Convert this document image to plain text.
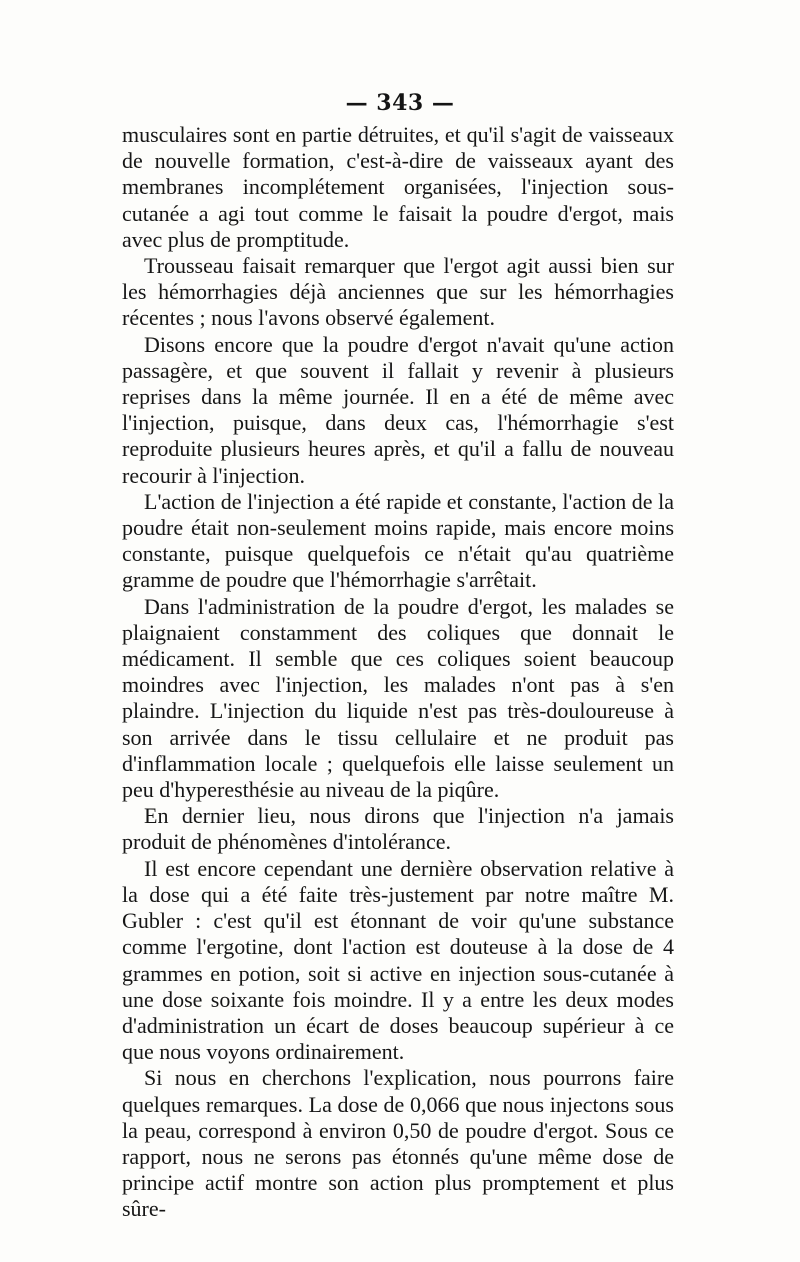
— 343 —

musculaires sont en partie détruites, et qu'il s'agit de vaisseaux de nouvelle formation, c'est-à-dire de vaisseaux ayant des membranes incomplétement organisées, l'injection sous-cutanée a agi tout comme le faisait la poudre d'ergot, mais avec plus de promptitude.

Trousseau faisait remarquer que l'ergot agit aussi bien sur les hémorrhagies déjà anciennes que sur les hémorrhagies récentes ; nous l'avons observé également.

Disons encore que la poudre d'ergot n'avait qu'une action passagère, et que souvent il fallait y revenir à plusieurs reprises dans la même journée. Il en a été de même avec l'injection, puisque, dans deux cas, l'hémorrhagie s'est reproduite plusieurs heures après, et qu'il a fallu de nouveau recourir à l'injection.

L'action de l'injection a été rapide et constante, l'action de la poudre était non-seulement moins rapide, mais encore moins constante, puisque quelquefois ce n'était qu'au quatrième gramme de poudre que l'hémorrhagie s'arrêtait.

Dans l'administration de la poudre d'ergot, les malades se plaignaient constamment des coliques que donnait le médicament. Il semble que ces coliques soient beaucoup moindres avec l'injection, les malades n'ont pas à s'en plaindre. L'injection du liquide n'est pas très-douloureuse à son arrivée dans le tissu cellulaire et ne produit pas d'inflammation locale ; quelquefois elle laisse seulement un peu d'hyperesthésie au niveau de la piqûre.

En dernier lieu, nous dirons que l'injection n'a jamais produit de phénomènes d'intolérance.

Il est encore cependant une dernière observation relative à la dose qui a été faite très-justement par notre maître M. Gubler : c'est qu'il est étonnant de voir qu'une substance comme l'ergotine, dont l'action est douteuse à la dose de 4 grammes en potion, soit si active en injection sous-cutanée à une dose soixante fois moindre. Il y a entre les deux modes d'administration un écart de doses beaucoup supérieur à ce que nous voyons ordinairement.

Si nous en cherchons l'explication, nous pourrons faire quelques remarques. La dose de 0,066 que nous injectons sous la peau, correspond à environ 0,50 de poudre d'ergot. Sous ce rapport, nous ne serons pas étonnés qu'une même dose de principe actif montre son action plus promptement et plus sûre-
